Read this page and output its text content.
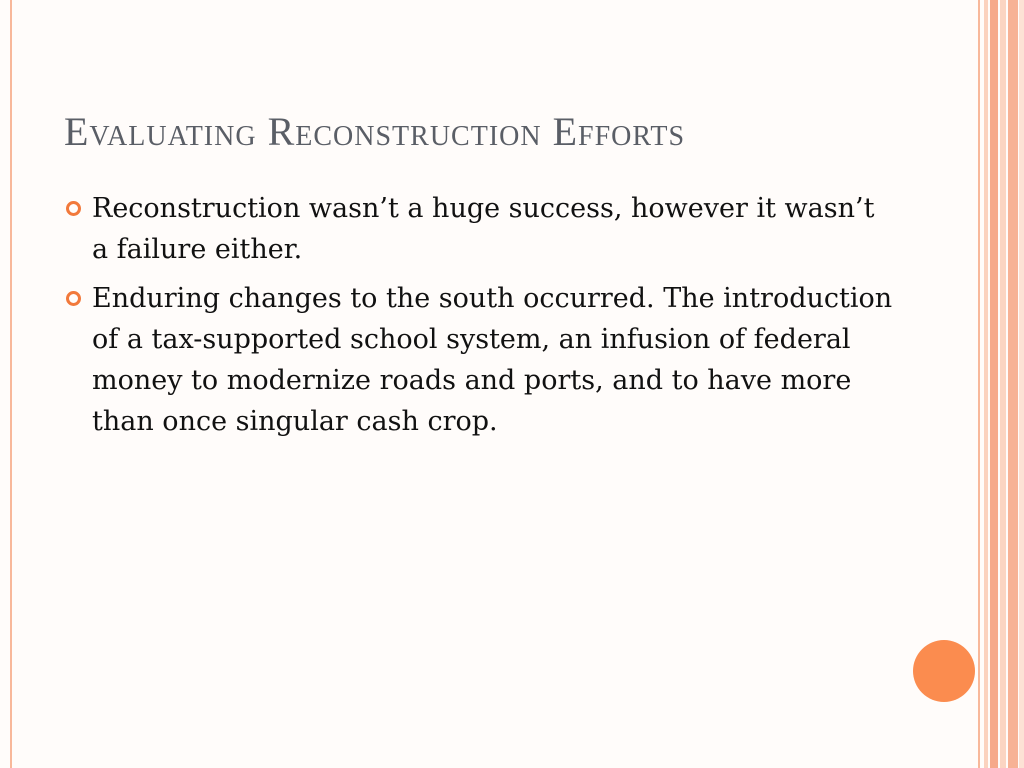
Evaluating Reconstruction Efforts
Reconstruction wasn’t a huge success, however it wasn’t a failure either.
Enduring changes to the south occurred. The introduction of a tax-supported school system, an infusion of federal money to modernize roads and ports, and to have more than once singular cash crop.
